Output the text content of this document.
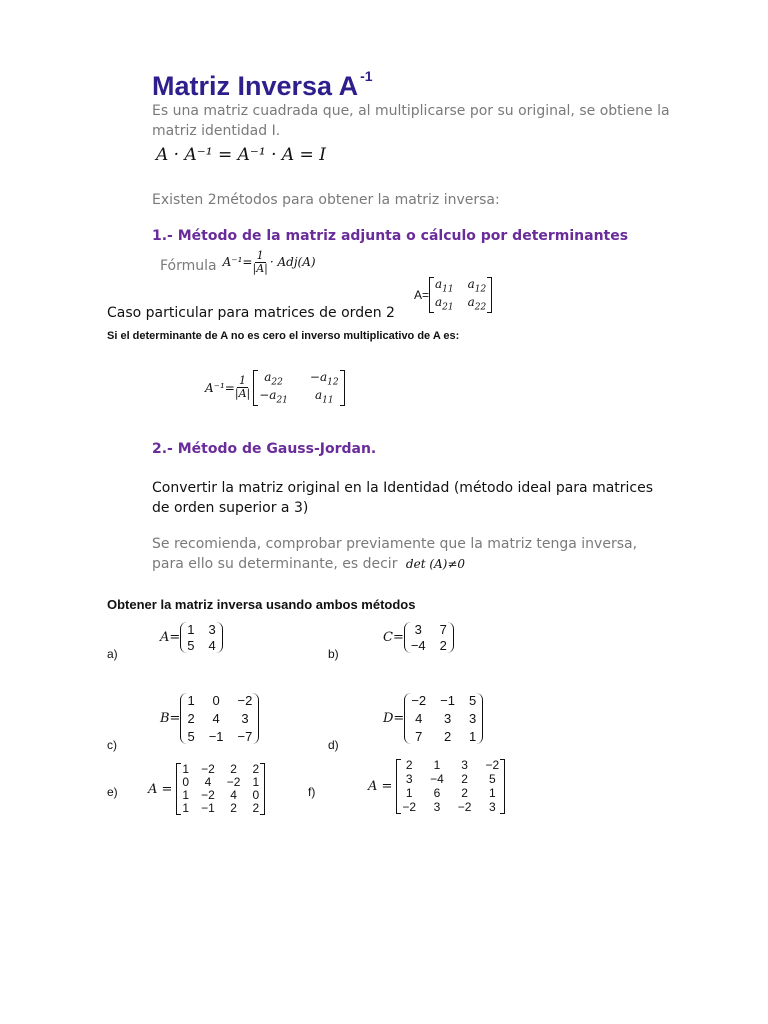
Matriz Inversa A $^{-1}$
Es una matriz cuadrada que, al multiplicarse por su original, se obtiene la matriz identidad I.
A · A⁻¹ = A⁻¹ · A = I
Existen 2métodos para obtener la matriz inversa:
1.- Método de la matriz adjunta o cálculo por determinantes
Fórmula $A^{-1}= \frac{1}{|A|} \cdot Adj(A)$
Caso particular para matrices de orden 2
A=
$a_{11}$ $a_{12}$
$a_{21}$ $a_{22}$
Si el determinante de A no es cero el inverso multiplicativo de A es:
$A^{-1}= \frac{1}{|A|}$	$a_{22}$	$-a_{12}$
$-a_{21}$	$a_{11}$
2.- Método de Gauss-Jordan.
Convertir la matriz original en la Identidad (método ideal para matrices de orden superior a 3)
Se recomienda, comprobar previamente que la matriz tenga inversa, para ello su determinante, es decir det (A)≠0
Obtener la matriz inversa usando ambos métodos
a)
A=
1 3
5 4
b)
C=
3 7
−4 2
c)
B=
1 0 −2
2 4 3
5 −1 −7
d)
D=
−2 −1 5
4 3 3
7 2 1
e) A =
1 −2 2 2
0 4 −2 1
1 −2 4 0
1 −1 2 2
f)	A =
2 1 3 −2
3 −4 2 5
1 6 2 1
−2 3 −2 3
